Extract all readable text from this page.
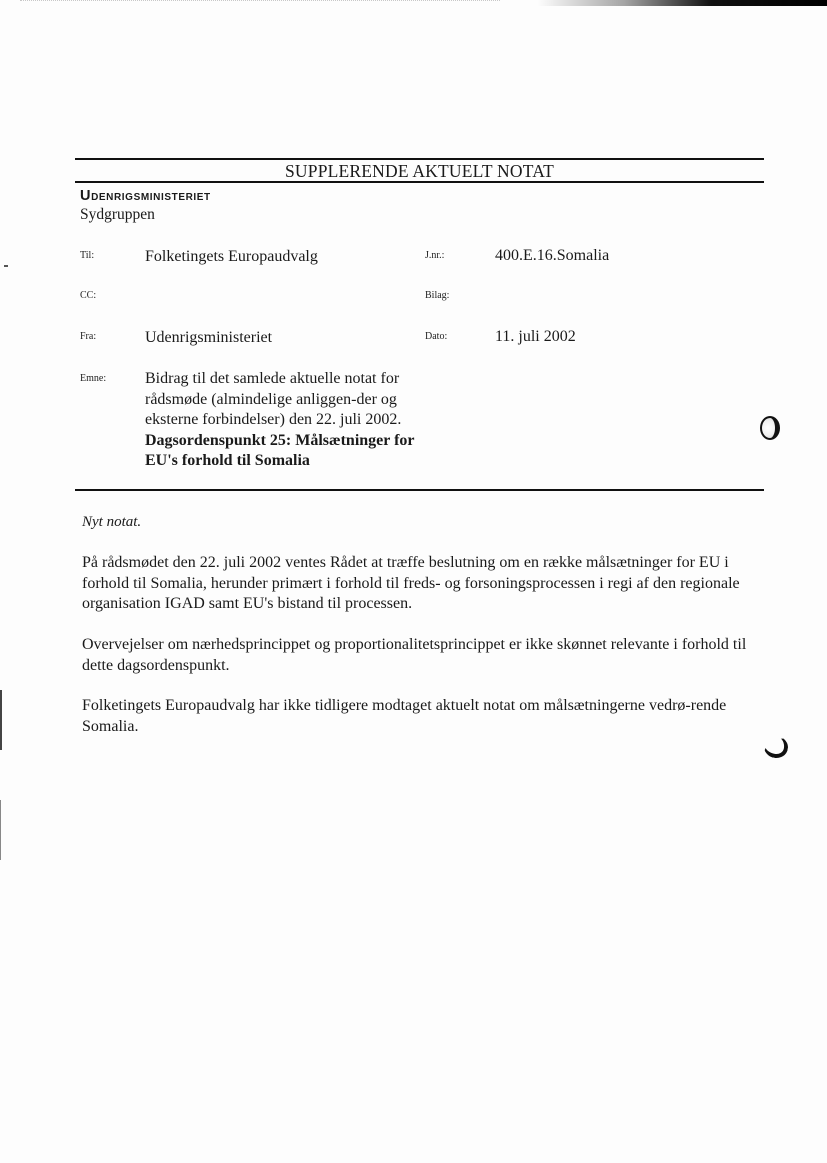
SUPPLERENDE AKTUELT NOTAT
Udenrigsministeriet
Sydgruppen
Til:	Folketingets Europaudvalg	J.nr.:	400.E.16.Somalia
CC:	Bilag:
Fra:	Udenrigsministeriet	Dato:	11. juli 2002
Emne: Bidrag til det samlede aktuelle notat for rådsmøde (almindelige anliggen-der og eksterne forbindelser) den 22. juli 2002. Dagsordenspunkt 25: Målsætninger for EU's forhold til Somalia
Nyt notat.
På rådsmødet den 22. juli 2002 ventes Rådet at træffe beslutning om en række målsætninger for EU i forhold til Somalia, herunder primært i forhold til freds- og forsoningsprocessen i regi af den regionale organisation IGAD samt EU's bistand til processen.
Overvejelser om nærhedsprincippet og proportionalitetsprincippet er ikke skønnet relevante i forhold til dette dagsordenspunkt.
Folketingets Europaudvalg har ikke tidligere modtaget aktuelt notat om målsætningerne vedrø-rende Somalia.
